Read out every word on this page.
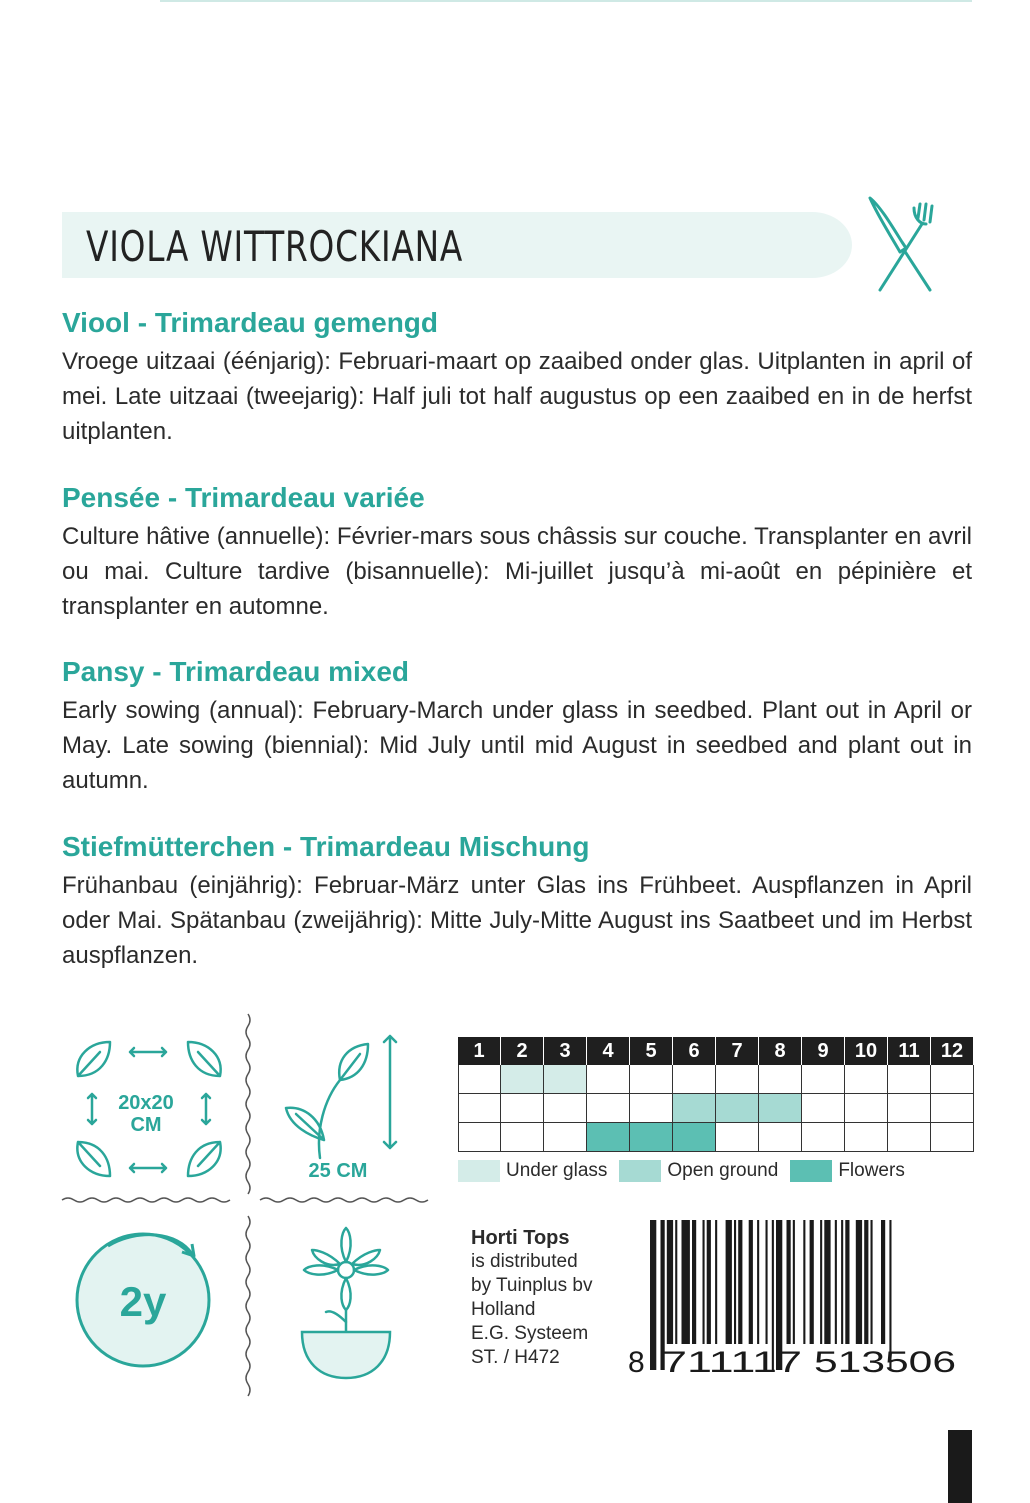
VIOLA WITTROCKIANA
Viool - Trimardeau gemengd

Vroege uitzaai (éénjarig): Februari-maart op zaaibed onder glas. Uitplanten in april of mei. Late uitzaai (tweejarig): Half juli tot half augustus op een zaaibed en in de herfst uitplanten.

Pensée - Trimardeau variée

Culture hâtive (annuelle): Février-mars sous châssis sur couche. Transplanter en avril ou mai. Culture tardive (bisannuelle): Mi-juillet jusqu’à mi-août en pépinière et transplanter en automne.

Pansy - Trimardeau mixed

Early sowing (annual): February-March under glass in seedbed. Plant out in April or May. Late sowing (biennial): Mid July until mid August in seedbed and plant out in autumn.

Stiefmütterchen - Trimardeau Mischung

Frühanbau (einjährig): Februar-März unter Glas ins Frühbeet. Auspflanzen in April oder Mai. Spätanbau (zweijährig): Mitte July-Mitte August ins Saatbeet und im Herbst auspflanzen.

20x20
CM
25 CM
2y
1	2	3	4	5	6	7	8	9	10	11	12
Under glass	Open ground	Flowers
Horti Tops
is distributed
by Tuinplus bv
Holland
E.G. Systeem
ST. / H472	8 711117 513506
